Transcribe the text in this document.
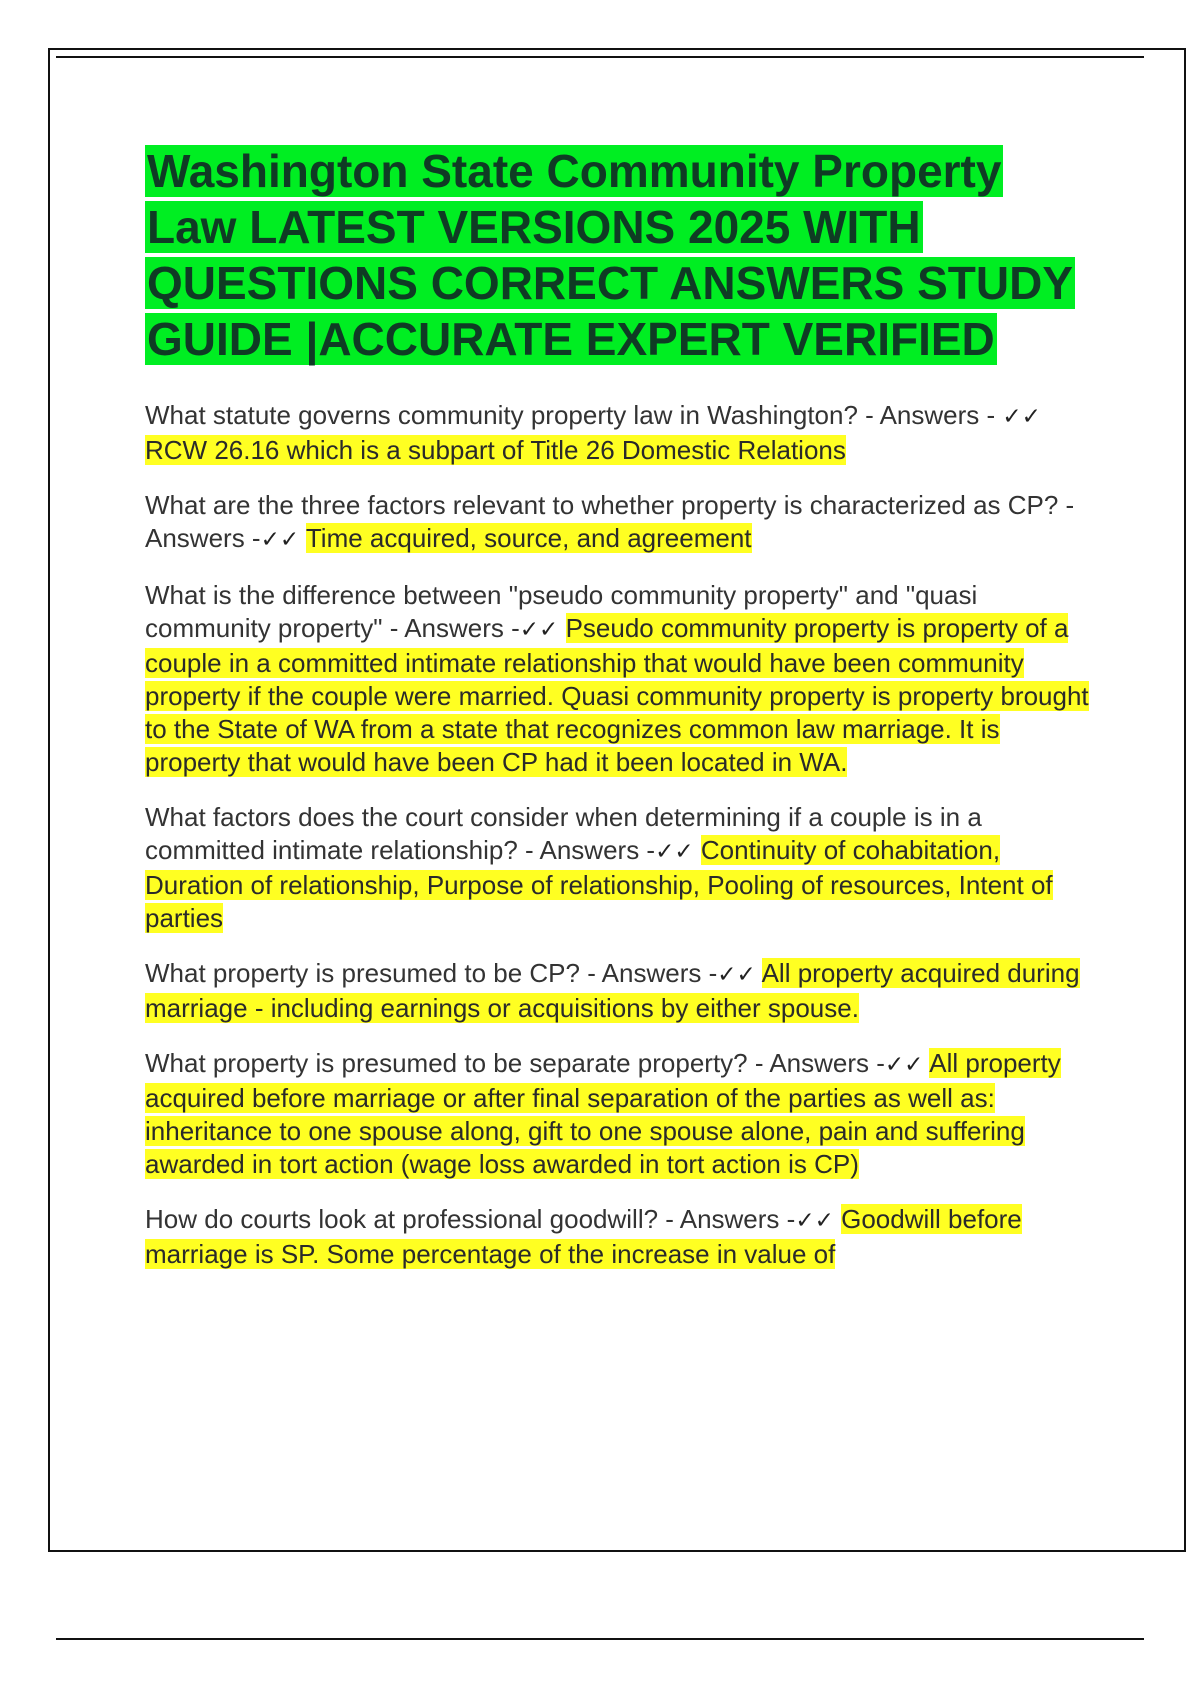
Washington State Community Property Law LATEST VERSIONS 2025 WITH QUESTIONS CORRECT ANSWERS STUDY GUIDE |ACCURATE EXPERT VERIFIED

What statute governs community property law in Washington? - Answers - ✓✓ RCW 26.16 which is a subpart of Title 26 Domestic Relations

What are the three factors relevant to whether property is characterized as CP? - Answers -✓✓ Time acquired, source, and agreement

What is the difference between "pseudo community property" and "quasi community property" - Answers -✓✓ Pseudo community property is property of a couple in a committed intimate relationship that would have been community property if the couple were married. Quasi community property is property brought to the State of WA from a state that recognizes common law marriage. It is property that would have been CP had it been located in WA.

What factors does the court consider when determining if a couple is in a committed intimate relationship? - Answers -✓✓ Continuity of cohabitation, Duration of relationship, Purpose of relationship, Pooling of resources, Intent of parties

What property is presumed to be CP? - Answers -✓✓ All property acquired during marriage - including earnings or acquisitions by either spouse.

What property is presumed to be separate property? - Answers -✓✓ All property acquired before marriage or after final separation of the parties as well as: inheritance to one spouse along, gift to one spouse alone, pain and suffering awarded in tort action (wage loss awarded in tort action is CP)

How do courts look at professional goodwill? - Answers -✓✓ Goodwill before marriage is SP. Some percentage of the increase in value of
